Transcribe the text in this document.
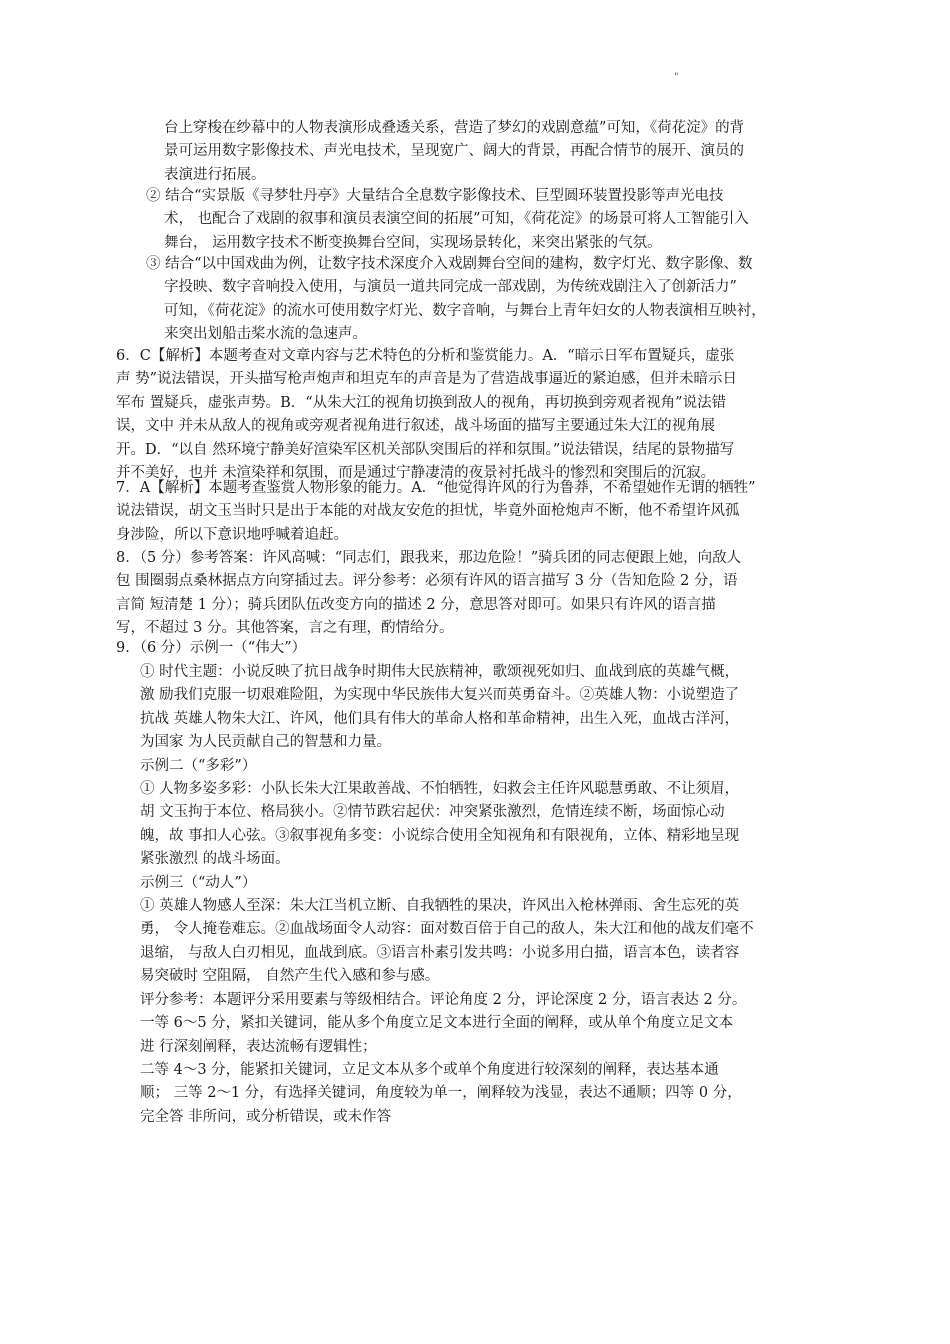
"
台上穿梭在纱幕中的人物表演形成叠透关系，营造了梦幻的戏剧意蕴”可知，《荷花淀》的背
景可运用数字影像技术、声光电技术，呈现宽广、阔大的背景，再配合情节的展开、演员的
表演进行拓展。
② 结合“实景版《寻梦牡丹亭》大量结合全息数字影像技术、巨型圆环装置投影等声光电技
术， 也配合了戏剧的叙事和演员表演空间的拓展”可知，《荷花淀》的场景可将人工智能引入
舞台， 运用数字技术不断变换舞台空间，实现场景转化，来突出紧张的气氛。
③ 结合“以中国戏曲为例，让数字技术深度介入戏剧舞台空间的建构，数字灯光、数字影像、数
字投映、数字音响投入使用，与演员一道共同完成一部戏剧，为传统戏剧注入了创新活力”
可知，《荷花淀》的流水可使用数字灯光、数字音响，与舞台上青年妇女的人物表演相互映衬，
来突出划船击桨水流的急速声。
6．C【解析】本题考查对文章内容与艺术特色的分析和鉴赏能力。A．“暗示日军布置疑兵，虚张
声 势”说法错误，开头描写枪声炮声和坦克车的声音是为了营造战事逼近的紧迫感，但并未暗示日
军布 置疑兵，虚张声势。B．“从朱大江的视角切换到敌人的视角，再切换到旁观者视角”说法错
误，文中 并未从敌人的视角或旁观者视角进行叙述，战斗场面的描写主要通过朱大江的视角展
开。D．“以自 然环境宁静美好渲染军区机关部队突围后的祥和氛围。”说法错误，结尾的景物描写
并不美好，也并 未渲染祥和氛围，而是通过宁静凄清的夜景衬托战斗的惨烈和突围后的沉寂。
7．A【解析】本题考查鉴赏人物形象的能力。A．“他觉得许风的行为鲁莽，不希望她作无谓的牺牲”
说法错误，胡文玉当时只是出于本能的对战友安危的担忧，毕竟外面枪炮声不断，他不希望许风孤
身涉险，所以下意识地呼喊着追赶。
8．（5 分）参考答案：许风高喊：“同志们，跟我来，那边危险！”骑兵团的同志便跟上她，向敌人
包 围圈弱点桑林据点方向穿插过去。评分参考：必须有许风的语言描写 3 分（告知危险 2 分，语
言简 短清楚 1 分）；骑兵团队伍改变方向的描述 2 分，意思答对即可。如果只有许风的语言描
写，不超过 3 分。其他答案，言之有理，酌情给分。
9．（6 分）示例一（“伟大”）
① 时代主题：小说反映了抗日战争时期伟大民族精神，歌颂视死如归、血战到底的英雄气概，
激 励我们克服一切艰难险阻，为实现中华民族伟大复兴而英勇奋斗。②英雄人物：小说塑造了
抗战 英雄人物朱大江、许风，他们具有伟大的革命人格和革命精神，出生入死，血战古洋河，
为国家 为人民贡献自己的智慧和力量。
示例二（“多彩”）
① 人物多姿多彩：小队长朱大江果敢善战、不怕牺牲，妇救会主任许风聪慧勇敢、不让须眉，
胡 文玉拘于本位、格局狭小。②情节跌宕起伏：冲突紧张激烈，危情连续不断，场面惊心动
魄，故 事扣人心弦。③叙事视角多变：小说综合使用全知视角和有限视角，立体、精彩地呈现
紧张激烈 的战斗场面。
示例三（“动人”）
① 英雄人物感人至深：朱大江当机立断、自我牺牲的果决，许风出入枪林弹雨、舍生忘死的英
勇， 令人掩卷难忘。②血战场面令人动容：面对数百倍于自己的敌人，朱大江和他的战友们毫不
退缩， 与敌人白刃相见，血战到底。③语言朴素引发共鸣：小说多用白描，语言本色，读者容
易突破时 空阻隔， 自然产生代入感和参与感。
评分参考：本题评分采用要素与等级相结合。评论角度 2 分，评论深度 2 分，语言表达 2 分。
一等 6～5 分，紧扣关键词，能从多个角度立足文本进行全面的阐释，或从单个角度立足文本
进 行深刻阐释，表达流畅有逻辑性；
二等 4～3 分，能紧扣关键词，立足文本从多个或单个角度进行较深刻的阐释，表达基本通
顺； 三等 2～1 分，有选择关键词，角度较为单一，阐释较为浅显，表达不通顺；四等 0 分，
完全答 非所问，或分析错误，或未作答
